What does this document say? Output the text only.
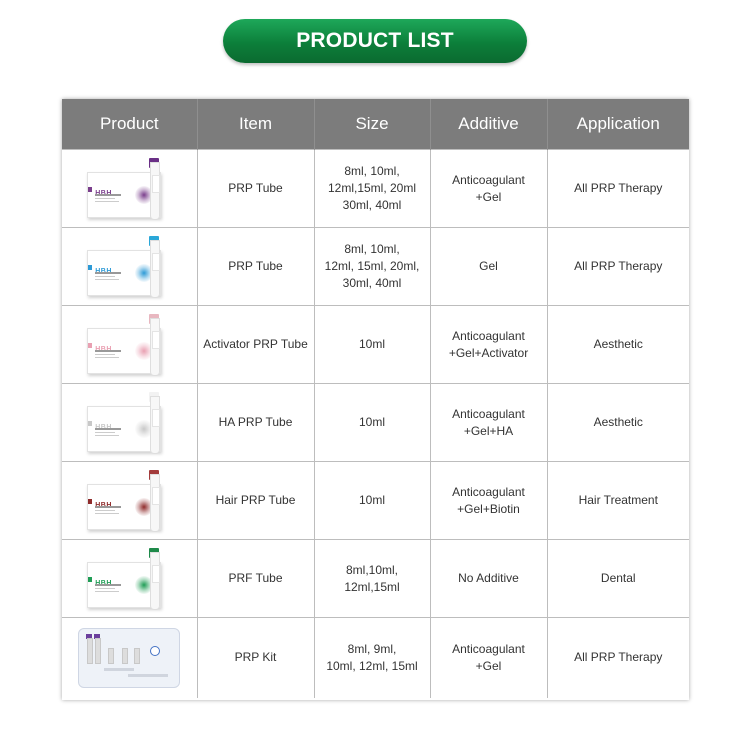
PRODUCT LIST
Product	Item	Size	Additive	Application

	PRP Tube	8ml, 10ml,
12ml,15ml, 20ml
30ml, 40ml	Anticoagulant
+Gel	All PRP Therapy

	PRP Tube	8ml, 10ml,
12ml, 15ml, 20ml,
30ml, 40ml	Gel	All PRP Therapy

	Activator PRP Tube	10ml	Anticoagulant
+Gel+Activator	Aesthetic

	HA PRP Tube	10ml	Anticoagulant
+Gel+HA	Aesthetic

	Hair PRP Tube	10ml	Anticoagulant
+Gel+Biotin	Hair Treatment

	PRF Tube	8ml,10ml,
12ml,15ml	No Additive	Dental

	PRP Kit	8ml, 9ml,
10ml, 12ml, 15ml	Anticoagulant
+Gel	All PRP Therapy
